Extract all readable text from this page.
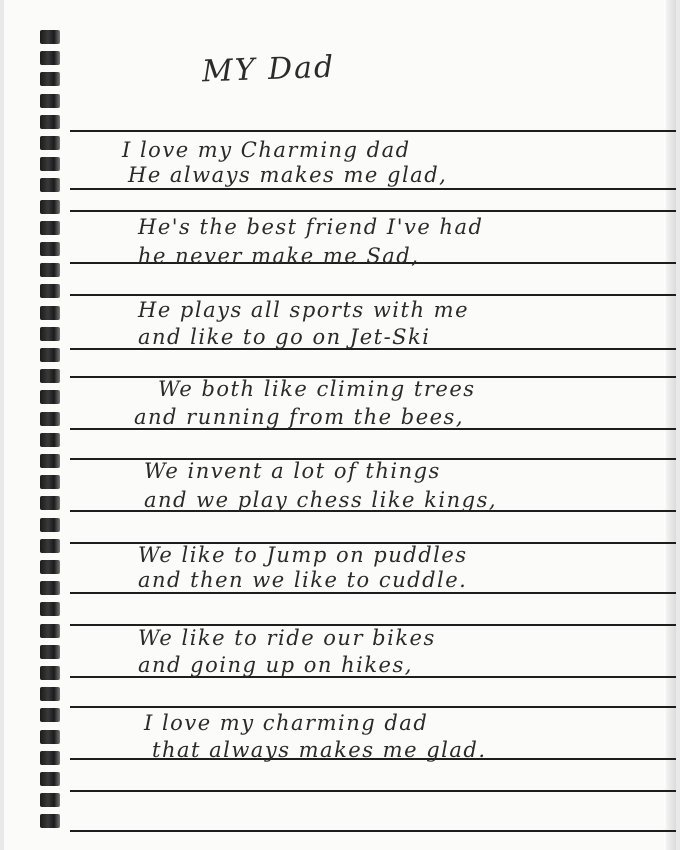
MY Dad
I love my Charming dad
He always makes me glad,
He's the best friend I've had
he never make me Sad,
He plays all sports with me
and like to go on Jet-Ski
We both like climing trees
and running from the bees,
We invent a lot of things
and we play chess like kings,
We like to Jump on puddles
and then we like to cuddle.
We like to ride our bikes
and going up on hikes,
I love my charming dad
that always makes me glad.
